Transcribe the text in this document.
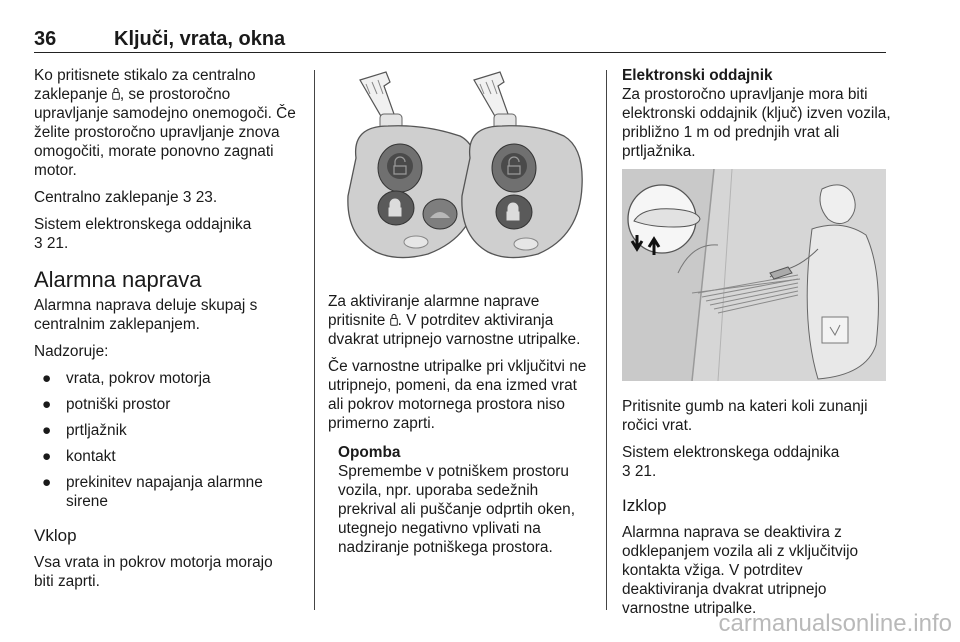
36	Ključi, vrata, okna

Ko pritisnete stikalo za centralno zaklepanje , se prostoročno upravljanje samodejno onemogoči. Če želite prostoročno upravljanje znova omogočiti, morate ponovno zagnati motor.

Centralno zaklepanje 3 23.

Sistem elektronskega oddajnika
3 21.

Alarmna naprava

Alarmna naprava deluje skupaj s centralnim zaklepanjem.

Nadzoruje:

● vrata, pokrov motorja
● potniški prostor
● prtljažnik
● kontakt
● prekinitev napajanja alarmne sirene
Vklop

Vsa vrata in pokrov motorja morajo biti zaprti.

Za aktiviranje alarmne naprave pritisnite . V potrditev aktiviranja dvakrat utripnejo varnostne utripalke.

Če varnostne utripalke pri vključitvi ne utripnejo, pomeni, da ena izmed vrat ali pokrov motornega prostora niso primerno zaprti.

Opomba
Spremembe v potniškem prostoru vozila, npr. uporaba sedežnih prekrival ali puščanje odprtih oken, utegnejo negativno vplivati na nadziranje potniškega prostora.
Elektronski oddajnik

Za prostoročno upravljanje mora biti elektronski oddajnik (ključ) izven vozila, približno 1 m od prednjih vrat ali prtljažnika.

Pritisnite gumb na kateri koli zunanji ročici vrat.

Sistem elektronskega oddajnika
3 21.

Izklop

Alarmna naprava se deaktivira z odklepanjem vozila ali z vključitvijo kontakta vžiga. V potrditev deaktiviranja dvakrat utripnejo varnostne utripalke.

carmanualsonline.info
